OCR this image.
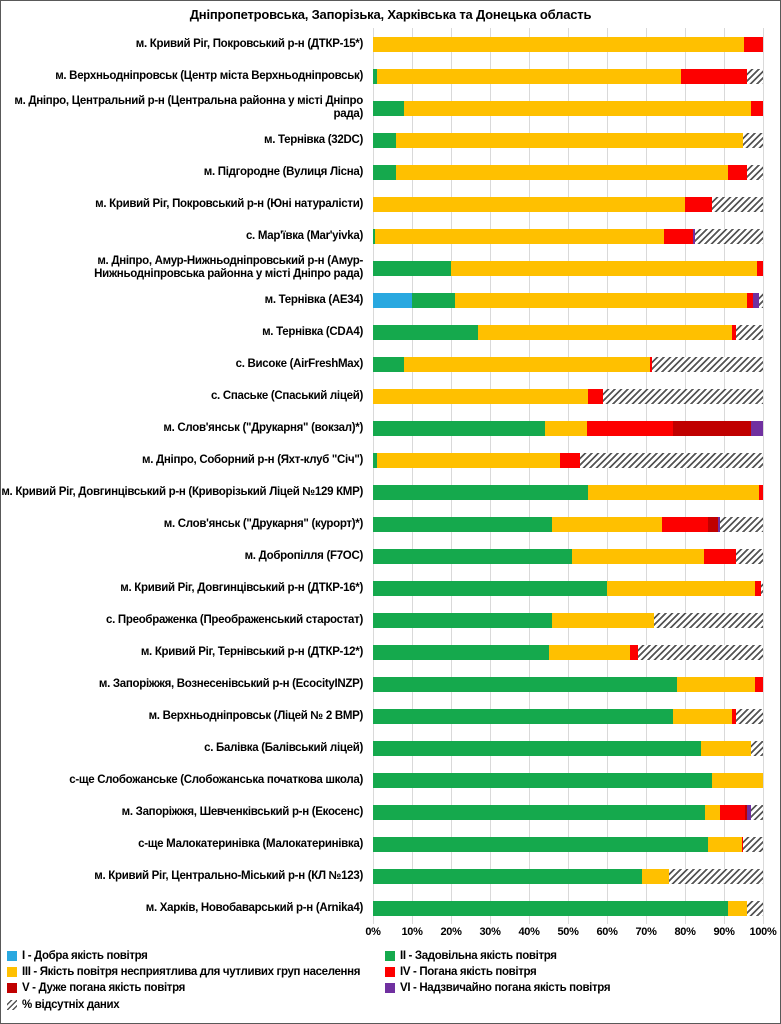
Дніпропетровська, Запорізька, Харківська та Донецька область
м. Кривий Ріг, Покровський р-н (ДТКР-15*)
м. Верхньодніпровськ (Центр міста Верхньодніпровськ)
м. Дніпро, Центральний р-н (Центральна районна у місті Дніпро рада)
м. Тернівка (32DC)
м. Підгородне (Вулиця Лісна)
м. Кривий Ріг, Покровський р-н (Юні натуралісти)
с. Мар'ївка (Mar'yivka)
м. Дніпро, Амур-Нижньодніпровський р-н (Амур-Нижньодніпровська районна у місті Дніпро рада)
м. Тернівка (AE34)
м. Тернівка (CDA4)
с. Високе (AirFreshMax)
с. Спаське (Спаський ліцей)
м. Слов'янськ ("Друкарня" (вокзал)*)
м. Дніпро, Соборний р-н (Яхт-клуб "Січ")
м. Кривий Ріг, Довгинцівський р-н (Криворізький Ліцей №129 КМР)
м. Слов'янськ ("Друкарня" (курорт)*)
м. Добропілля (F7OC)
м. Кривий Ріг, Довгинцівський р-н (ДТКР-16*)
с. Преображенка (Преображенський старостат)
м. Кривий Ріг, Тернівський р-н (ДТКР-12*)
м. Запоріжжя, Вознесенівський р-н (EcocityINZP)
м. Верхньодніпровськ (Ліцей № 2 ВМР)
с. Балівка (Балівський ліцей)
с-ще Слобожанське (Слобожанська початкова школа)
м. Запоріжжя, Шевченківський р-н (Екосенс)
с-ще Малокатеринівка (Малокатеринівка)
м. Кривий Ріг, Центрально-Міський р-н (КЛ №123)
м. Харків, Новобаварський р-н (Arnika4)
0% 10% 20% 30% 40% 50% 60% 70% 80% 90% 100%
I - Добра якість повітря	II - Задовільна якість повітря
III - Якість повітря несприятлива для чутливих груп населення	IV - Погана якість повітря
V - Дуже погана якість повітря	VI - Надзвичайно погана якість повітря
% відсутніх даних
